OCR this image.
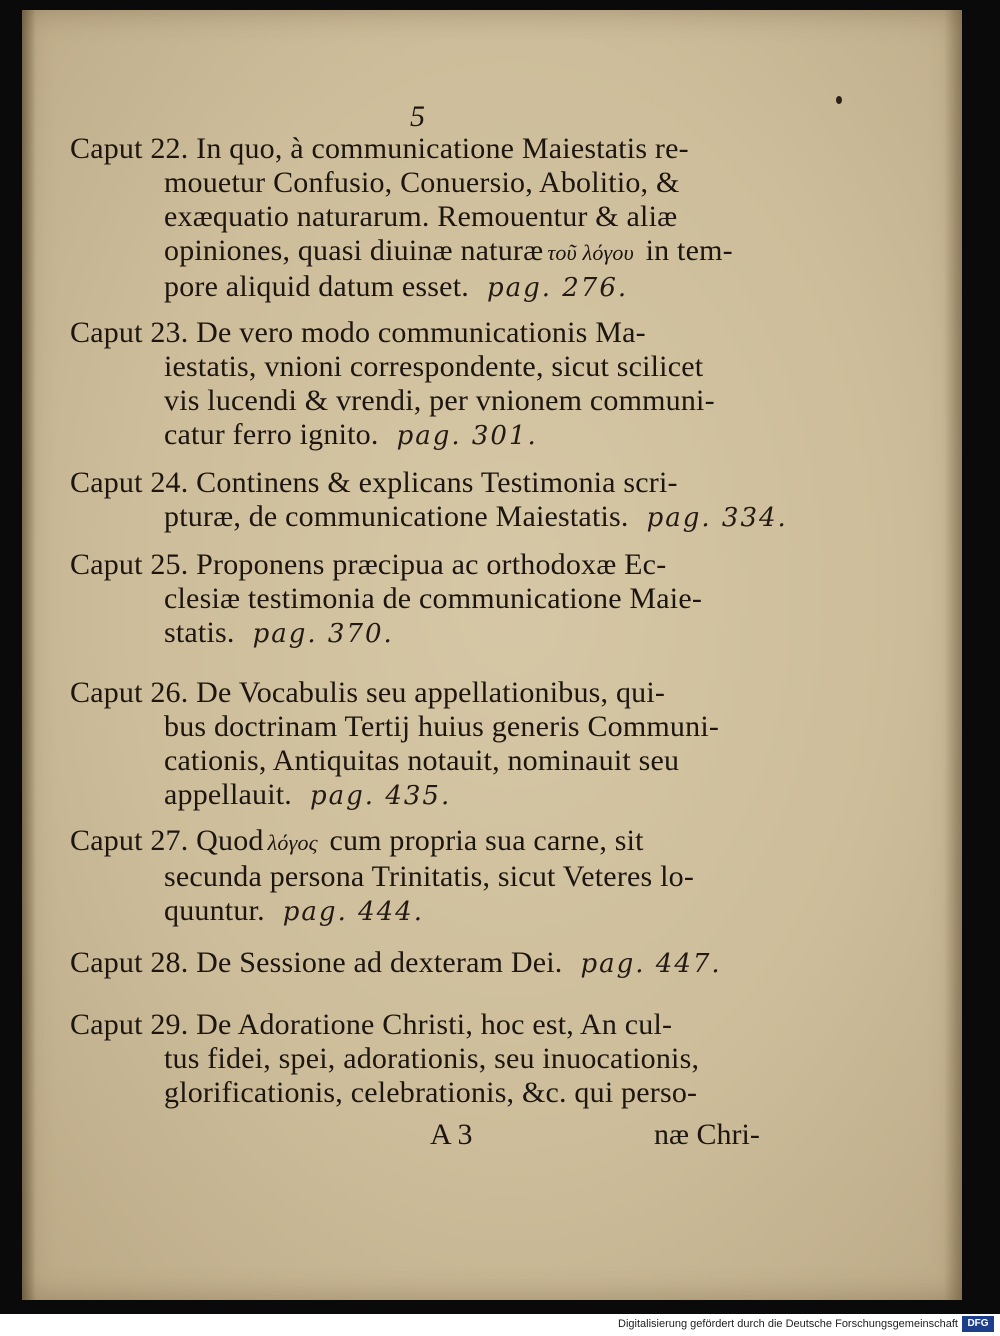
5
Caput 22. In quo, à communicatione Maiestatis re-
mouetur Confusio, Conuersio, Abolitio, &
exæquatio naturarum. Remouentur & aliæ
opiniones, quasi diuinæ naturæ τοῦ λόγου in tem-
pore aliquid datum esset. pag. 276.
Caput 23. De vero modo communicationis Ma-
iestatis, vnioni correspondente, sicut scilicet
vis lucendi & vrendi, per vnionem communi-
catur ferro ignito. pag. 301.
Caput 24. Continens & explicans Testimonia scri-
pturæ, de communicatione Maiestatis. pag. 334.
Caput 25. Proponens præcipua ac orthodoxæ Ec-
clesiæ testimonia de communicatione Maie-
statis. pag. 370.
Caput 26. De Vocabulis seu appellationibus, qui-
bus doctrinam Tertij huius generis Communi-
cationis, Antiquitas notauit, nominauit seu
appellauit. pag. 435.
Caput 27. Quod λόγος cum propria sua carne, sit
secunda persona Trinitatis, sicut Veteres lo-
quuntur. pag. 444.
Caput 28. De Sessione ad dexteram Dei. pag. 447.
Caput 29. De Adoratione Christi, hoc est, An cul-
tus fidei, spei, adorationis, seu inuocationis,
glorificationis, celebrationis, &c. qui perso-
A 3	næ Chri-
Digitalisierung gefördert durch die Deutsche Forschungsgemeinschaft DFG
